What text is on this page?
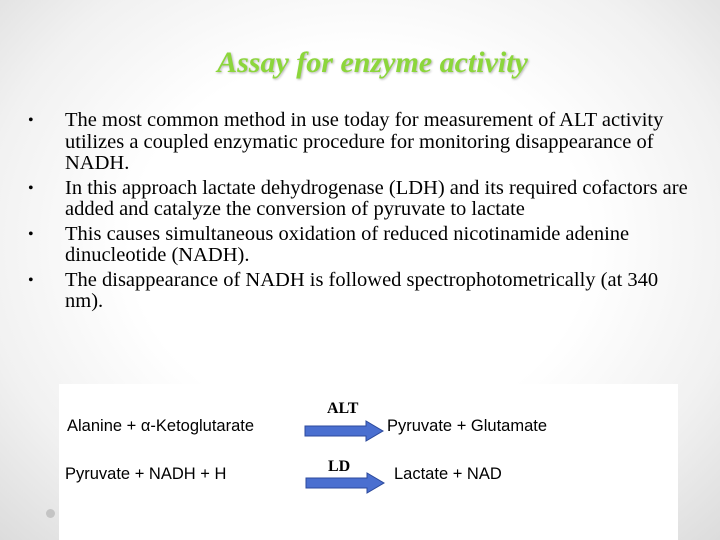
Assay for enzyme activity
• The most common method in use today for measurement of ALT activity utilizes a coupled enzymatic procedure for monitoring disappearance of NADH.
• In this approach lactate dehydrogenase (LDH) and its required cofactors are added and catalyze the conversion of pyruvate to lactate
• This causes simultaneous oxidation of reduced nicotinamide adenine dinucleotide (NADH).
• The disappearance of NADH is followed spectrophotometrically (at 340 nm).
Alanine + α-Ketoglutarate
ALT
Pyruvate + Glutamate
Pyruvate + NADH + H	LD	Lactate + NAD
